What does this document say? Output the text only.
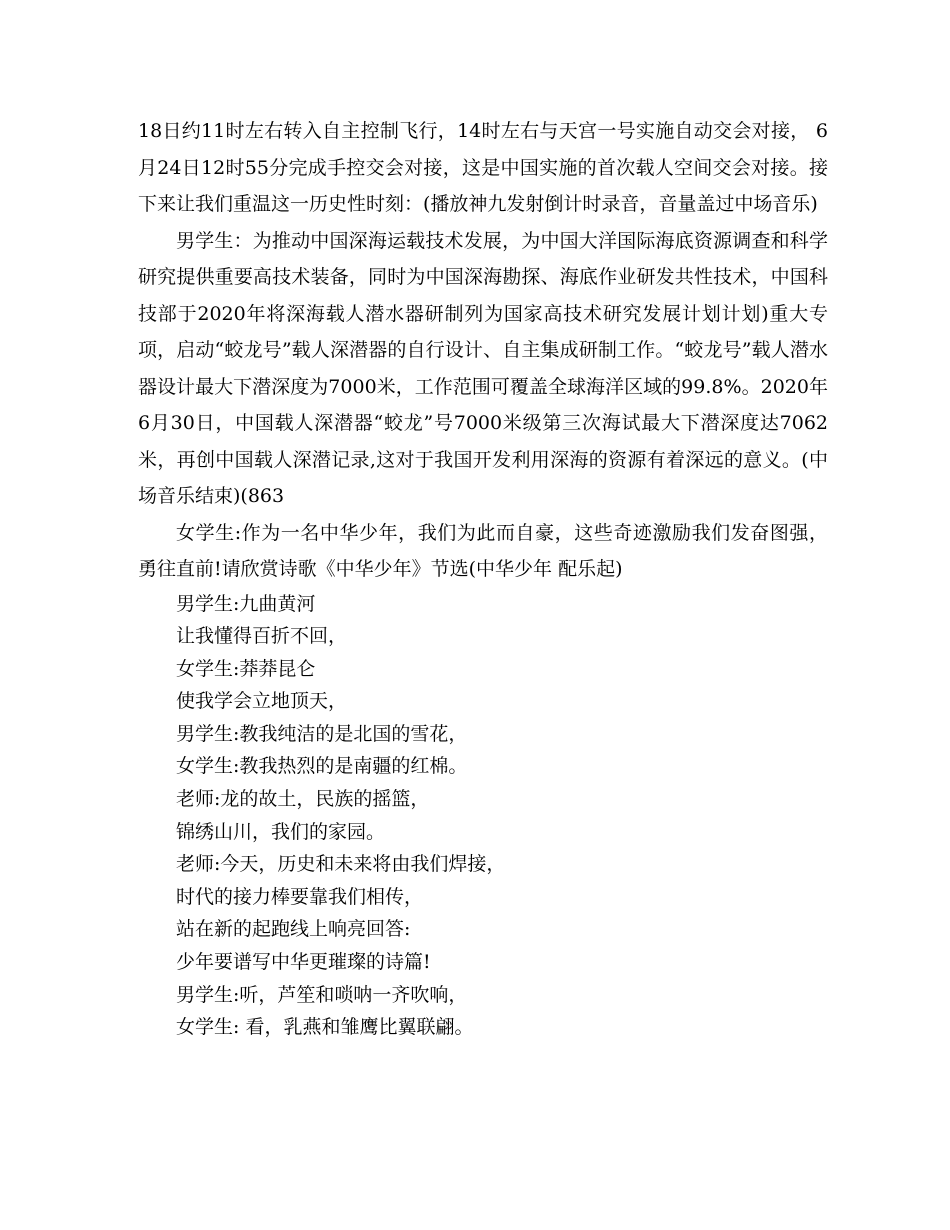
18日约11时左右转入自主控制飞行，14时左右与天宫一号实施自动交会对接， 6月24日12时55分完成手控交会对接，这是中国实施的首次载人空间交会对接。接下来让我们重温这一历史性时刻：(播放神九发射倒计时录音，音量盖过中场音乐)

男学生：为推动中国深海运载技术发展，为中国大洋国际海底资源调查和科学研究提供重要高技术装备，同时为中国深海勘探、海底作业研发共性技术，中国科技部于2020年将深海载人潜水器研制列为国家高技术研究发展计划计划)重大专项，启动“蛟龙号”载人深潜器的自行设计、自主集成研制工作。“蛟龙号”载人潜水器设计最大下潜深度为7000米，工作范围可覆盖全球海洋区域的99.8%。2020年6月30日，中国载人深潜器“蛟龙”号7000米级第三次海试最大下潜深度达7062米，再创中国载人深潜记录,这对于我国开发利用深海的资源有着深远的意义。(中场音乐结束)(863

女学生:作为一名中华少年，我们为此而自豪，这些奇迹激励我们发奋图强，勇往直前!请欣赏诗歌《中华少年》节选(中华少年 配乐起)

男学生:九曲黄河

让我懂得百折不回，

女学生:莽莽昆仑

使我学会立地顶天，

男学生:教我纯洁的是北国的雪花，

女学生:教我热烈的是南疆的红棉。

老师:龙的故土，民族的摇篮，

锦绣山川，我们的家园。

老师:今天，历史和未来将由我们焊接，

时代的接力棒要靠我们相传，

站在新的起跑线上响亮回答:

少年要谱写中华更璀璨的诗篇!

男学生:听，芦笙和唢呐一齐吹响，

女学生: 看，乳燕和雏鹰比翼联翩。
